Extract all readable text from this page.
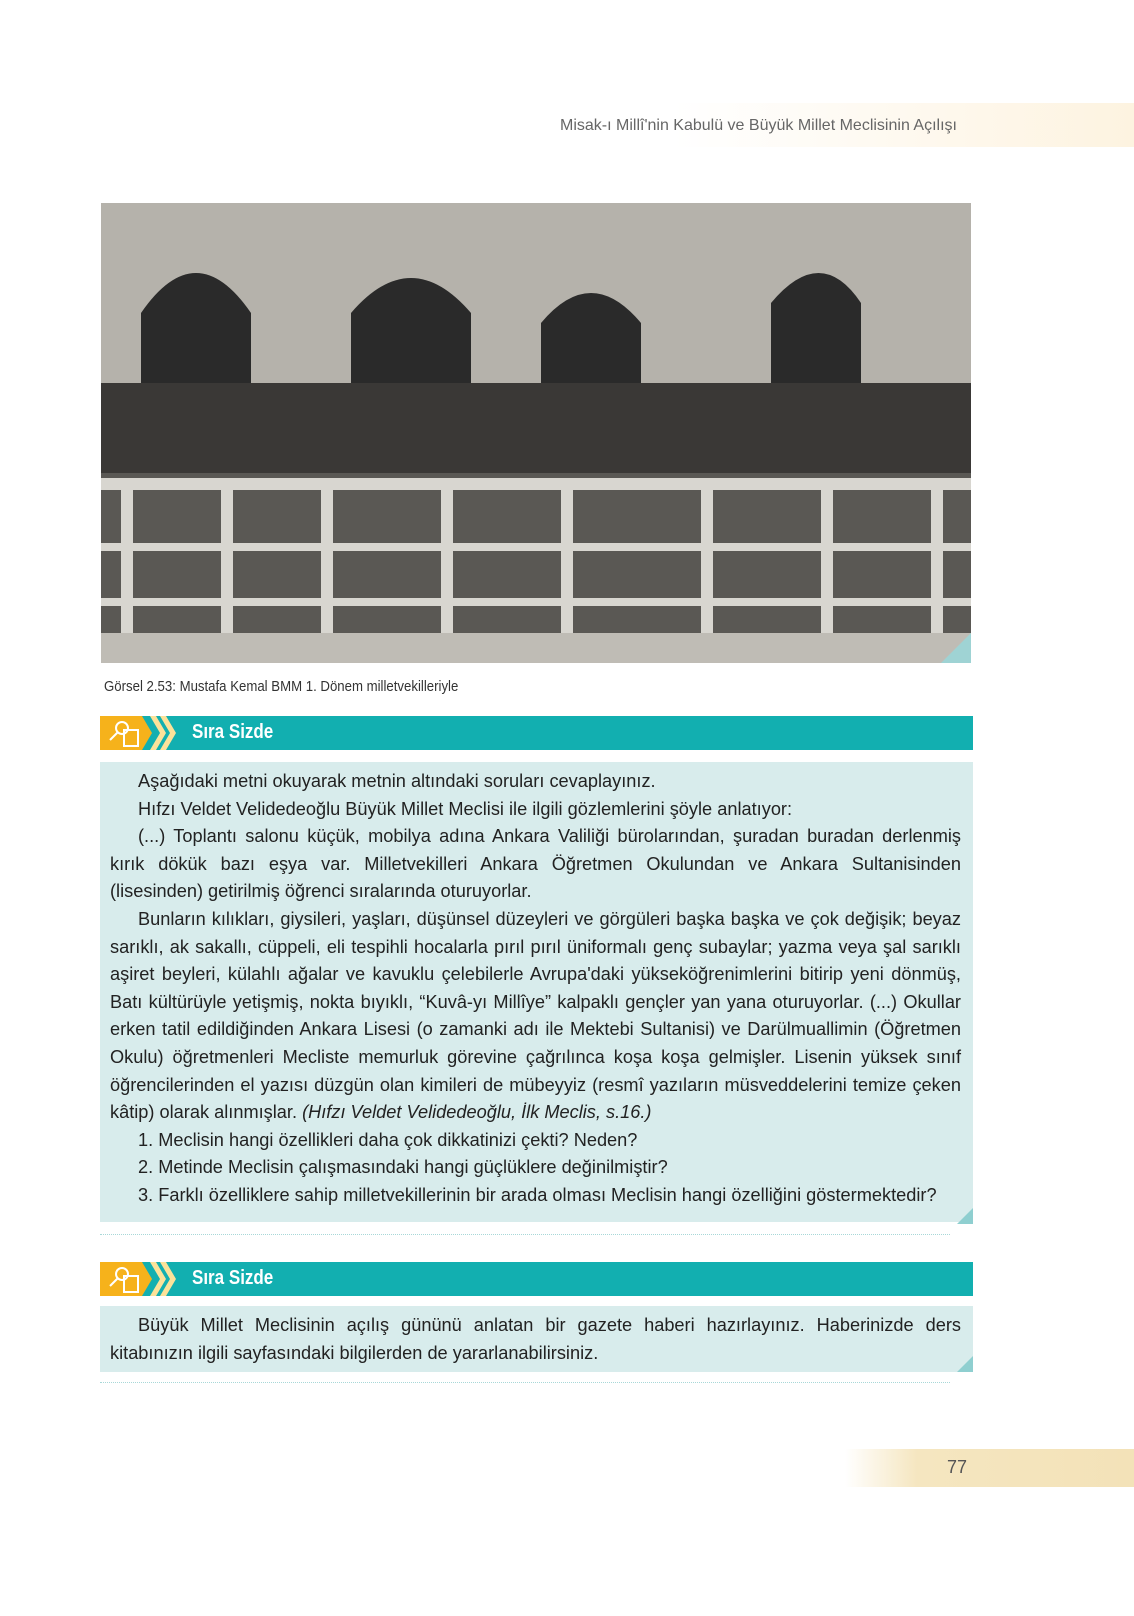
Misak-ı Millî'nin Kabulü ve Büyük Millet Meclisinin Açılışı
Görsel 2.53: Mustafa Kemal BMM 1. Dönem milletvekilleriyle
Sıra Sizde

Aşağıdaki metni okuyarak metnin altındaki soruları cevaplayınız.

Hıfzı Veldet Velidedeoğlu Büyük Millet Meclisi ile ilgili gözlemlerini şöyle anlatıyor:

(...) Toplantı salonu küçük, mobilya adına Ankara Valiliği bürolarından, şuradan buradan derlenmiş kırık dökük bazı eşya var. Milletvekilleri Ankara Öğretmen Okulundan ve Ankara Sultanisinden (lisesinden) getirilmiş öğrenci sıralarında oturuyorlar.

Bunların kılıkları, giysileri, yaşları, düşünsel düzeyleri ve görgüleri başka başka ve çok değişik; beyaz sarıklı, ak sakallı, cüppeli, eli tespihli hocalarla pırıl pırıl üniformalı genç subaylar; yazma veya şal sarıklı aşiret beyleri, külahlı ağalar ve kavuklu çelebilerle Avrupa'daki yükseköğrenimlerini bitirip yeni dönmüş, Batı kültürüyle yetişmiş, nokta bıyıklı, “Kuvâ-yı Millîye” kalpaklı gençler yan yana oturuyorlar. (...) Okullar erken tatil edildiğinden Ankara Lisesi (o zamanki adı ile Mektebi Sultanisi) ve Darülmuallimin (Öğretmen Okulu) öğretmenleri Mecliste memurluk görevine çağrılınca koşa koşa gelmişler. Lisenin yüksek sınıf öğrencilerinden el yazısı düzgün olan kimileri de mübeyyiz (resmî yazıların müsveddelerini temize çeken kâtip) olarak alınmışlar. (Hıfzı Veldet Velidedeoğlu, İlk Meclis, s.16.)

1. Meclisin hangi özellikleri daha çok dikkatinizi çekti? Neden?

2. Metinde Meclisin çalışmasındaki hangi güçlüklere değinilmiştir?

3. Farklı özelliklere sahip milletvekillerinin bir arada olması Meclisin hangi özelliğini göstermektedir?

Sıra Sizde

Büyük Millet Meclisinin açılış gününü anlatan bir gazete haberi hazırlayınız. Haberinizde ders kitabınızın ilgili sayfasındaki bilgilerden de yararlanabilirsiniz.

77
